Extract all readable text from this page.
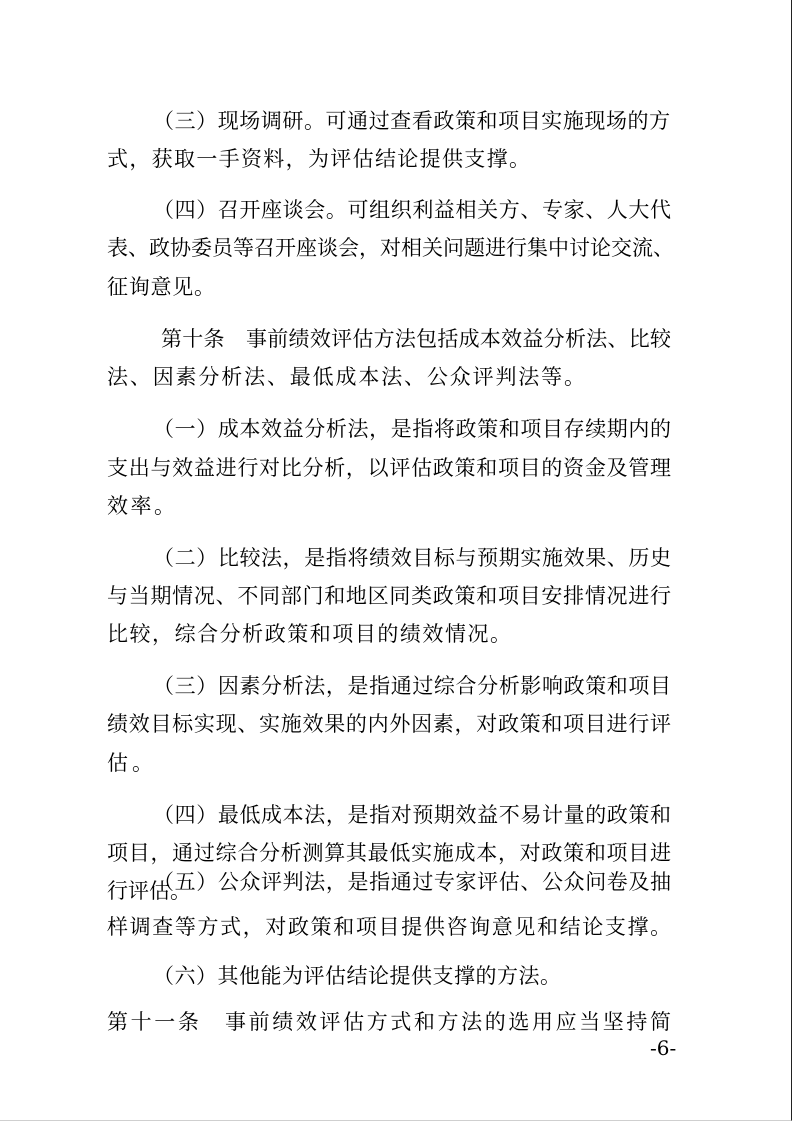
（三）现场调研。可通过查看政策和项目实施现场的方

式，获取一手资料，为评估结论提供支撑。

（四）召开座谈会。可组织利益相关方、专家、人大代

表、政协委员等召开座谈会，对相关问题进行集中讨论交流、

征询意见。

第十条　事前绩效评估方法包括成本效益分析法、比较

法、因素分析法、最低成本法、公众评判法等。

（一）成本效益分析法，是指将政策和项目存续期内的

支出与效益进行对比分析，以评估政策和项目的资金及管理

效率。

（二）比较法，是指将绩效目标与预期实施效果、历史

与当期情况、不同部门和地区同类政策和项目安排情况进行

比较，综合分析政策和项目的绩效情况。

（三）因素分析法，是指通过综合分析影响政策和项目

绩效目标实现、实施效果的内外因素，对政策和项目进行评

估。

（四）最低成本法，是指对预期效益不易计量的政策和

项目，通过综合分析测算其最低实施成本，对政策和项目进

行评估。

（五）公众评判法，是指通过专家评估、公众问卷及抽

样调查等方式，对政策和项目提供咨询意见和结论支撑。

（六）其他能为评估结论提供支撑的方法。

第十一条　事前绩效评估方式和方法的选用应当坚持简

-6-
